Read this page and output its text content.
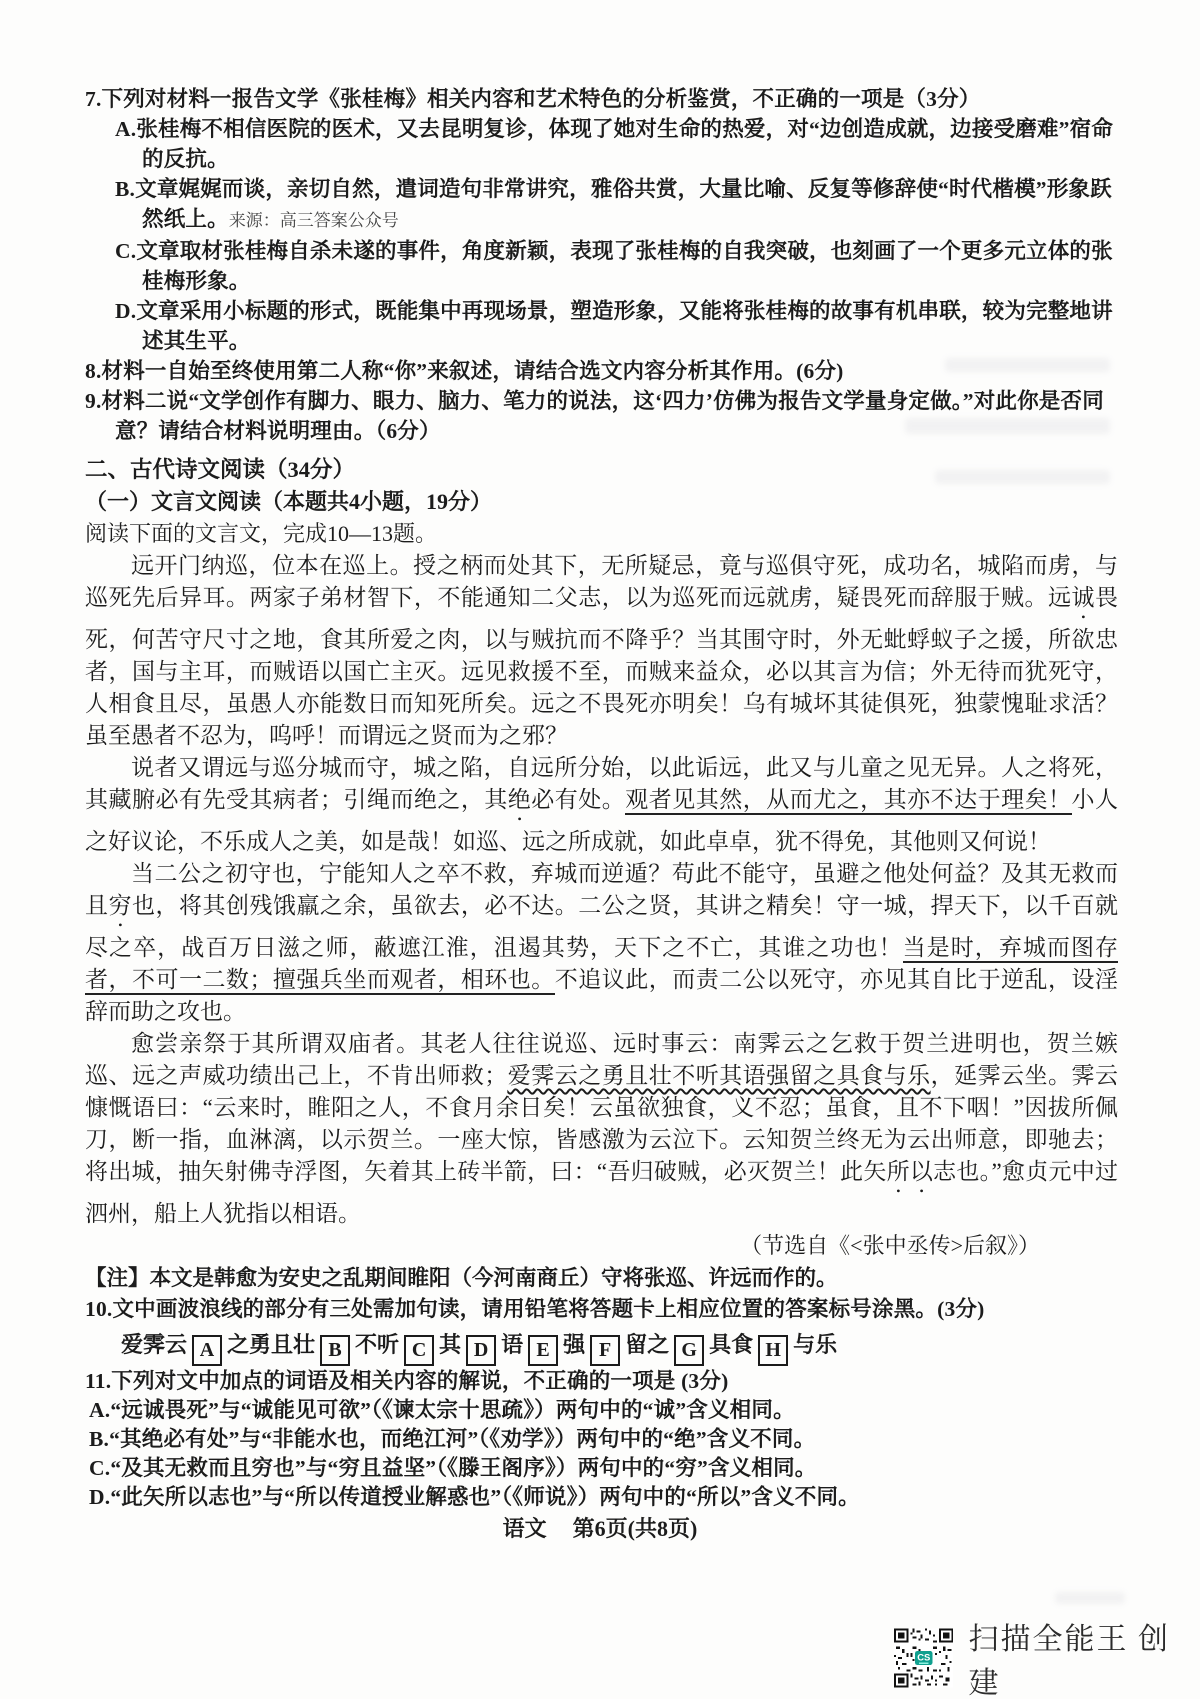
7.下列对材料一报告文学《张桂梅》相关内容和艺术特色的分析鉴赏，不正确的一项是（3分）
A.张桂梅不相信医院的医术，又去昆明复诊，体现了她对生命的热爱，对“边创造成就，边接受磨难”宿命的反抗。
B.文章娓娓而谈，亲切自然，遣词造句非常讲究，雅俗共赏，大量比喻、反复等修辞使“时代楷模”形象跃然纸上。来源：高三答案公众号
C.文章取材张桂梅自杀未遂的事件，角度新颖，表现了张桂梅的自我突破，也刻画了一个更多元立体的张桂梅形象。
D.文章采用小标题的形式，既能集中再现场景，塑造形象，又能将张桂梅的故事有机串联，较为完整地讲述其生平。
8.材料一自始至终使用第二人称“你”来叙述，请结合选文内容分析其作用。(6分)
9.材料二说“文学创作有脚力、眼力、脑力、笔力的说法，这‘四力’仿佛为报告文学量身定做。”对此你是否同意？请结合材料说明理由。（6分）
二、古代诗文阅读（34分）
（一）文言文阅读（本题共4小题，19分）
阅读下面的文言文，完成10—13题。

远开门纳巡，位本在巡上。授之柄而处其下，无所疑忌，竟与巡俱守死，成功名，城陷而虏，与巡死先后异耳。两家子弟材智下，不能通知二父志，以为巡死而远就虏，疑畏死而辞服于贼。远诚畏死，何苦守尺寸之地，食其所爱之肉，以与贼抗而不降乎？当其围守时，外无蚍蜉蚁子之援，所欲忠者，国与主耳，而贼语以国亡主灭。远见救援不至，而贼来益众，必以其言为信；外无待而犹死守，人相食且尽，虽愚人亦能数日而知死所矣。远之不畏死亦明矣！乌有城坏其徒俱死，独蒙愧耻求活？虽至愚者不忍为，呜呼！而谓远之贤而为之邪？

说者又谓远与巡分城而守，城之陷，自远所分始，以此诟远，此又与儿童之见无异。人之将死，其藏腑必有先受其病者；引绳而绝之，其绝必有处。观者见其然，从而尤之，其亦不达于理矣！小人之好议论，不乐成人之美，如是哉！如巡、远之所成就，如此卓卓，犹不得免，其他则又何说！

当二公之初守也，宁能知人之卒不救，弃城而逆遁？苟此不能守，虽避之他处何益？及其无救而且穷也，将其创残饿羸之余，虽欲去，必不达。二公之贤，其讲之精矣！守一城，捍天下，以千百就尽之卒，战百万日滋之师，蔽遮江淮，沮遏其势，天下之不亡，其谁之功也！当是时，弃城而图存者，不可一二数；擅强兵坐而观者，相环也。不追议此，而责二公以死守，亦见其自比于逆乱，设淫辞而助之攻也。

愈尝亲祭于其所谓双庙者。其老人往往说巡、远时事云：南霁云之乞救于贺兰进明也，贺兰嫉巡、远之声威功绩出己上，不肯出师救；爱霁云之勇且壮不听其语强留之具食与乐，延霁云坐。霁云慷慨语曰：“云来时，睢阳之人，不食月余日矣！云虽欲独食，义不忍；虽食，且不下咽！”因拔所佩刀，断一指，血淋漓，以示贺兰。一座大惊，皆感激为云泣下。云知贺兰终无为云出师意，即驰去；将出城，抽矢射佛寺浮图，矢着其上砖半箭，曰：“吾归破贼，必灭贺兰！此矢所以志也。”愈贞元中过泗州，船上人犹指以相语。

（节选自《<张中丞传>后叙》）
【注】本文是韩愈为安史之乱期间睢阳（今河南商丘）守将张巡、许远而作的。
10.文中画波浪线的部分有三处需加句读，请用铅笔将答题卡上相应位置的答案标号涂黑。(3分)
爱霁云 A 之勇且壮 B 不听 C 其 D 语 E 强 F 留之 G 具食 H 与乐
11.下列对文中加点的词语及相关内容的解说，不正确的一项是 (3分)
A.“远诚畏死”与“诚能见可欲”（《谏太宗十思疏》）两句中的“诚”含义相同。
B.“其绝必有处”与“非能水也，而绝江河”（《劝学》）两句中的“绝”含义不同。
C.“及其无救而且穷也”与“穷且益坚”（《滕王阁序》）两句中的“穷”含义相同。
D.“此矢所以志也”与“所以传道授业解惑也”（《师说》）两句中的“所以”含义不同。
语文 第6页(共8页)
CS
扫描全能王 创建
